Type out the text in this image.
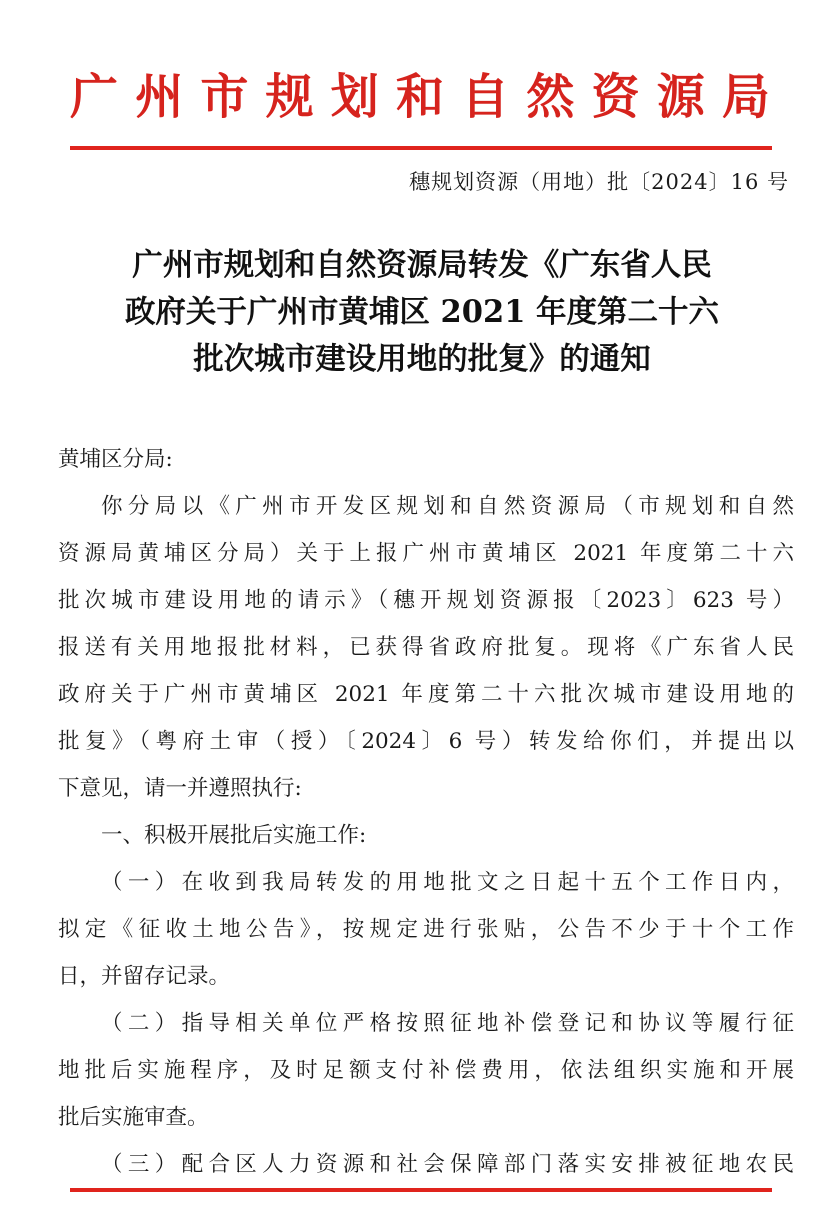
广 州 市 规 划 和 自 然 资 源 局
穗规划资源（用地）批〔2024〕16 号
广州市规划和自然资源局转发《广东省人民
政府关于广州市黄埔区 2021 年度第二十六
批次城市建设用地的批复》的通知
黄埔区分局:
你分局以《广州市开发区规划和自然资源局（市规划和自然
资源局黄埔区分局）关于上报广州市黄埔区 2021 年度第二十六
批次城市建设用地的请示》（穗开规划资源报〔2023〕623 号）
报送有关用地报批材料，已获得省政府批复。现将《广东省人民
政府关于广州市黄埔区 2021 年度第二十六批次城市建设用地的
批复》（粤府土审（授）〔2024〕6 号）转发给你们，并提出以
下意见，请一并遵照执行:
一、积极开展批后实施工作:
（一）在收到我局转发的用地批文之日起十五个工作日内，
拟定《征收土地公告》，按规定进行张贴，公告不少于十个工作
日，并留存记录。
（二）指导相关单位严格按照征地补偿登记和协议等履行征
地批后实施程序，及时足额支付补偿费用，依法组织实施和开展
批后实施审查。
（三）配合区人力资源和社会保障部门落实安排被征地农民
